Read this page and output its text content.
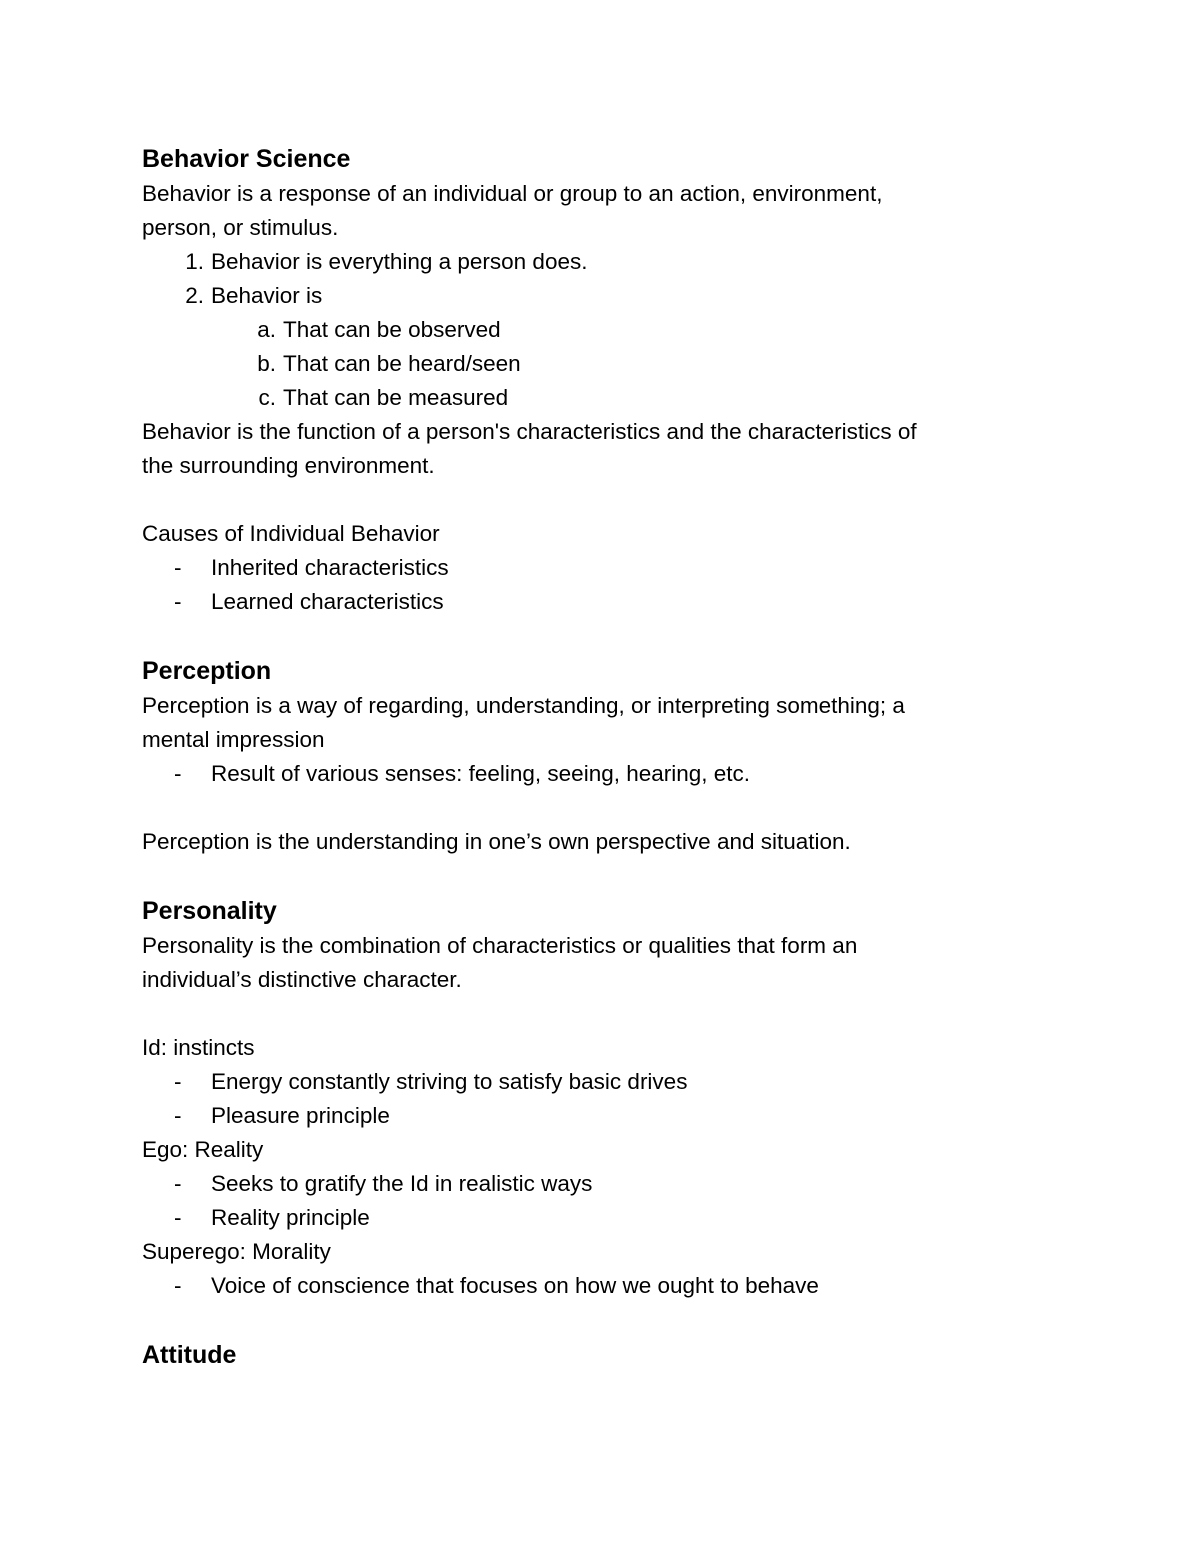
Behavior Science
Behavior is a response of an individual or group to an action, environment,
person, or stimulus.
1. Behavior is everything a person does.
2. Behavior is
a. That can be observed
b. That can be heard/seen
c. That can be measured
Behavior is the function of a person's characteristics and the characteristics of
the surrounding environment.
Causes of Individual Behavior
- Inherited characteristics
- Learned characteristics
Perception
Perception is a way of regarding, understanding, or interpreting something; a
mental impression
- Result of various senses: feeling, seeing, hearing, etc.
Perception is the understanding in one’s own perspective and situation.
Personality
Personality is the combination of characteristics or qualities that form an
individual’s distinctive character.
Id: instincts
- Energy constantly striving to satisfy basic drives
- Pleasure principle
Ego: Reality
- Seeks to gratify the Id in realistic ways
- Reality principle
Superego: Morality
- Voice of conscience that focuses on how we ought to behave
Attitude
